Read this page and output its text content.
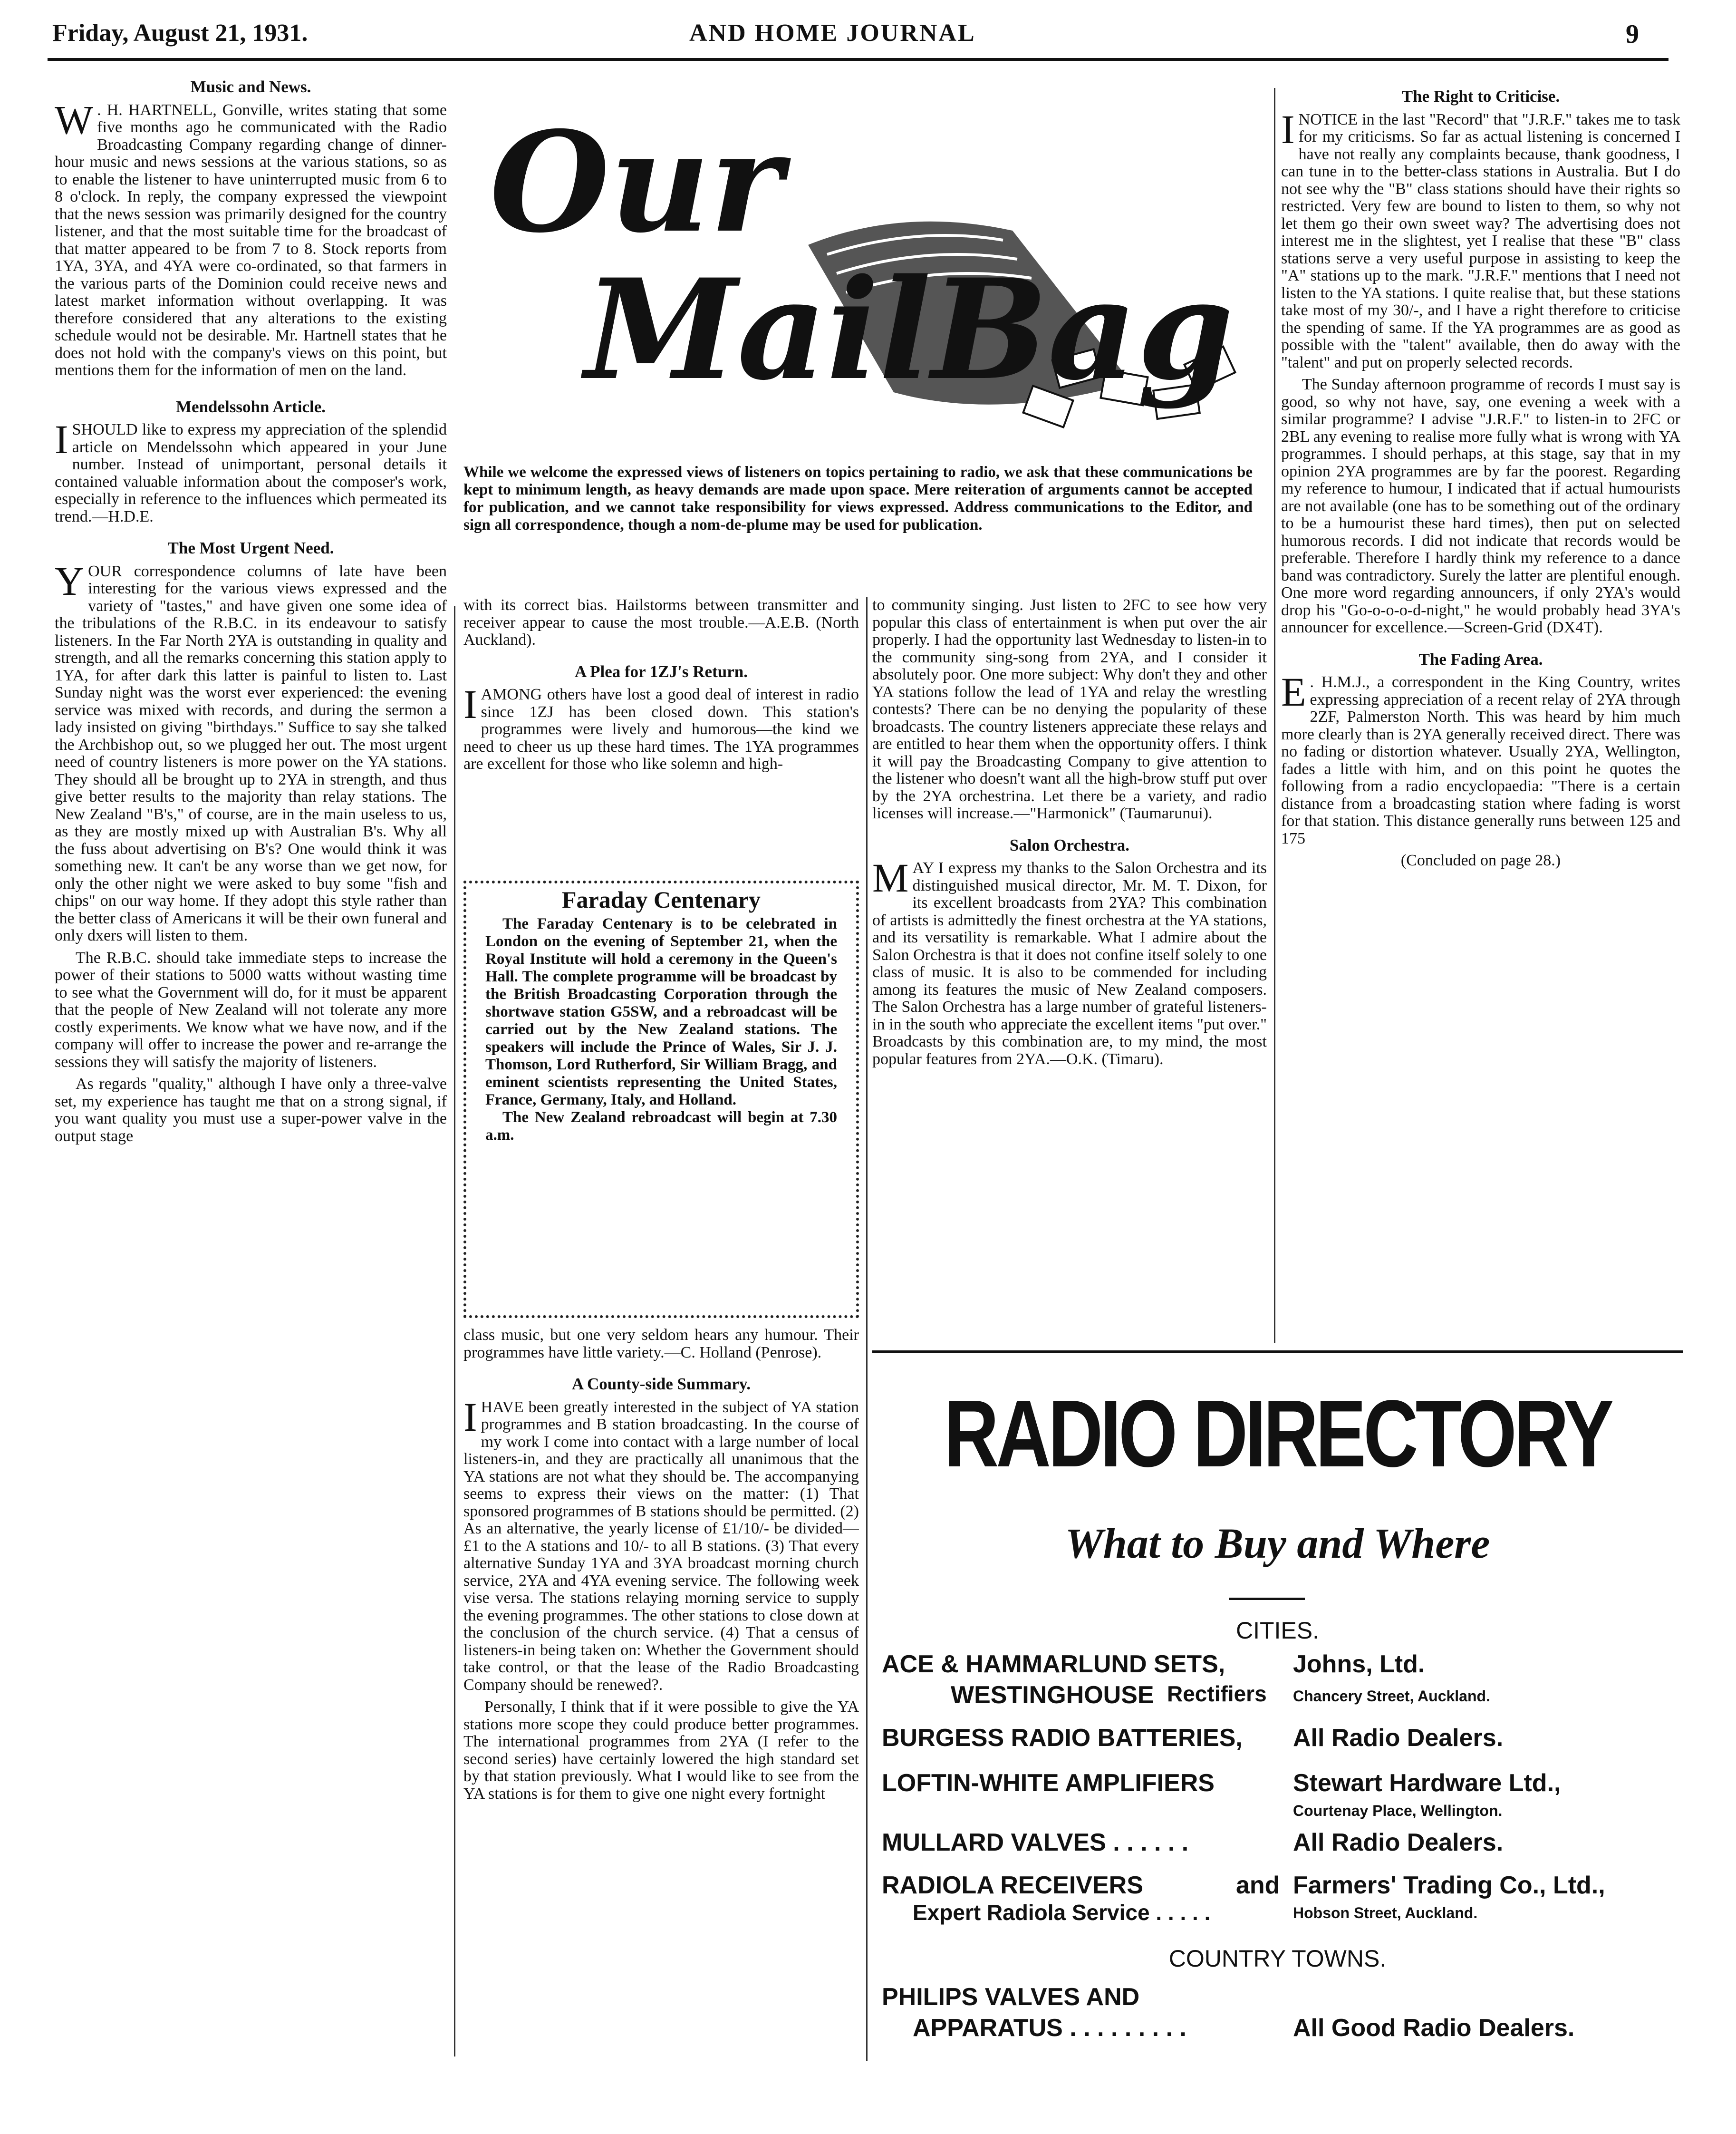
Friday, August 21, 1931.	AND HOME JOURNAL	9
Music and News.

W . H. HARTNELL, Gonville, writes stating that some five months ago he communicated with the Radio Broadcasting Company regarding change of dinner-hour music and news sessions at the various stations, so as to enable the listener to have uninterrupted music from 6 to 8 o'clock. In reply, the company expressed the viewpoint that the news session was primarily designed for the country listener, and that the most suitable time for the broadcast of that matter appeared to be from 7 to 8. Stock reports from 1YA, 3YA, and 4YA were co-ordinated, so that farmers in the various parts of the Dominion could receive news and latest market information without overlapping. It was therefore considered that any alterations to the existing schedule would not be desirable. Mr. Hartnell states that he does not hold with the company's views on this point, but mentions them for the information of men on the land.

Mendelssohn Article.

I SHOULD like to express my appreciation of the splendid article on Mendelssohn which appeared in your June number. Instead of unimportant, personal details it contained valuable information about the composer's work, especially in reference to the influences which permeated its trend.—H.D.E.

The Most Urgent Need.

YOUR correspondence columns of late have been interesting for the various views expressed and the variety of "tastes," and have given one some idea of the tribulations of the R.B.C. in its endeavour to satisfy listeners. In the Far North 2YA is outstanding in quality and strength, and all the remarks concerning this station apply to 1YA, for after dark this latter is painful to listen to. Last Sunday night was the worst ever experienced: the evening service was mixed with records, and during the sermon a lady insisted on giving "birthdays." Suffice to say she talked the Archbishop out, so we plugged her out. The most urgent need of country listeners is more power on the YA stations. They should all be brought up to 2YA in strength, and thus give better results to the majority than relay stations. The New Zealand "B's," of course, are in the main useless to us, as they are mostly mixed up with Australian B's. Why all the fuss about advertising on B's? One would think it was something new. It can't be any worse than we get now, for only the other night we were asked to buy some "fish and chips" on our way home. If they adopt this style rather than the better class of Americans it will be their own funeral and only dxers will listen to them.

The R.B.C. should take immediate steps to increase the power of their stations to 5000 watts without wasting time to see what the Government will do, for it must be apparent that the people of New Zealand will not tolerate any more costly experiments. We know what we have now, and if the company will offer to increase the power and re-arrange the sessions they will satisfy the majority of listeners.

As regards "quality," although I have only a three-valve set, my experience has taught me that on a strong signal, if you want quality you must use a super-power valve in the output stage

Our
MailBag
While we welcome the expressed views of listeners on topics pertaining to radio, we ask that these communications be kept to minimum length, as heavy demands are made upon space. Mere reiteration of arguments cannot be accepted for publication, and we cannot take responsibility for views expressed. Address communications to the Editor, and sign all correspondence, though a nom-de-plume may be used for publication.

with its correct bias. Hailstorms between transmitter and receiver appear to cause the most trouble.—A.E.B. (North Auckland).

A Plea for 1ZJ's Return.

I AMONG others have lost a good deal of interest in radio since 1ZJ has been closed down. This station's programmes were lively and humorous—the kind we need to cheer us up these hard times. The 1YA programmes are excellent for those who like solemn and high-

Faraday Centenary

The Faraday Centenary is to be celebrated in London on the evening of September 21, when the Royal Institute will hold a ceremony in the Queen's Hall. The complete programme will be broadcast by the British Broadcasting Corporation through the shortwave station G5SW, and a rebroadcast will be carried out by the New Zealand stations. The speakers will include the Prince of Wales, Sir J. J. Thomson, Lord Rutherford, Sir William Bragg, and eminent scientists representing the United States, France, Germany, Italy, and Holland.

The New Zealand rebroadcast will begin at 7.30 a.m.

class music, but one very seldom hears any humour. Their programmes have little variety.—C. Holland (Penrose).

A County-side Summary.

I HAVE been greatly interested in the subject of YA station programmes and B station broadcasting. In the course of my work I come into contact with a large number of local listeners-in, and they are practically all unanimous that the YA stations are not what they should be. The accompanying seems to express their views on the matter: (1) That sponsored programmes of B stations should be permitted. (2) As an alternative, the yearly license of £1/10/- be divided—£1 to the A stations and 10/- to all B stations. (3) That every alternative Sunday 1YA and 3YA broadcast morning church service, 2YA and 4YA evening service. The following week vise versa. The stations relaying morning service to supply the evening programmes. The other stations to close down at the conclusion of the church service. (4) That a census of listeners-in being taken on: Whether the Government should take control, or that the lease of the Radio Broadcasting Company should be renewed?.

Personally, I think that if it were possible to give the YA stations more scope they could produce better programmes. The international programmes from 2YA (I refer to the second series) have certainly lowered the high standard set by that station previously. What I would like to see from the YA stations is for them to give one night every fortnight

to community singing. Just listen to 2FC to see how very popular this class of entertainment is when put over the air properly. I had the opportunity last Wednesday to listen-in to the community sing-song from 2YA, and I consider it absolutely poor. One more subject: Why don't they and other YA stations follow the lead of 1YA and relay the wrestling contests? There can be no denying the popularity of these broadcasts. The country listeners appreciate these relays and are entitled to hear them when the opportunity offers. I think it will pay the Broadcasting Company to give attention to the listener who doesn't want all the high-brow stuff put over by the 2YA orchestrina. Let there be a variety, and radio licenses will increase.—"Harmonick" (Taumarunui).

Salon Orchestra.

MAY I express my thanks to the Salon Orchestra and its distinguished musical director, Mr. M. T. Dixon, for its excellent broadcasts from 2YA? This combination of artists is admittedly the finest orchestra at the YA stations, and its versatility is remarkable. What I admire about the Salon Orchestra is that it does not confine itself solely to one class of music. It is also to be commended for including among its features the music of New Zealand composers. The Salon Orchestra has a large number of grateful listeners-in in the south who appreciate the excellent items "put over." Broadcasts by this combination are, to my mind, the most popular features from 2YA.—O.K. (Timaru).

The Right to Criticise.

I NOTICE in the last "Record" that "J.R.F." takes me to task for my criticisms. So far as actual listening is concerned I have not really any complaints because, thank goodness, I can tune in to the better-class stations in Australia. But I do not see why the "B" class stations should have their rights so restricted. Very few are bound to listen to them, so why not let them go their own sweet way? The advertising does not interest me in the slightest, yet I realise that these "B" class stations serve a very useful purpose in assisting to keep the "A" stations up to the mark. "J.R.F." mentions that I need not listen to the YA stations. I quite realise that, but these stations take most of my 30/-, and I have a right therefore to criticise the spending of same. If the YA programmes are as good as possible with the "talent" available, then do away with the "talent" and put on properly selected records.

The Sunday afternoon programme of records I must say is good, so why not have, say, one evening a week with a similar programme? I advise "J.R.F." to listen-in to 2FC or 2BL any evening to realise more fully what is wrong with YA programmes. I should perhaps, at this stage, say that in my opinion 2YA programmes are by far the poorest. Regarding my reference to humour, I indicated that if actual humourists are not available (one has to be something out of the ordinary to be a humourist these hard times), then put on selected humorous records. I did not indicate that records would be preferable. Therefore I hardly think my reference to a dance band was contradictory. Surely the latter are plentiful enough. One more word regarding announcers, if only 2YA's would drop his "Go-o-o-o-d-night," he would probably head 3YA's announcer for excellence.—Screen-Grid (DX4T).

The Fading Area.

E . H.M.J., a correspondent in the King Country, writes expressing appreciation of a recent relay of 2YA through 2ZF, Palmerston North. This was heard by him much more clearly than is 2YA generally received direct. There was no fading or distortion whatever. Usually 2YA, Wellington, fades a little with him, and on this point he quotes the following from a radio encyclopaedia: "There is a certain distance from a broadcasting station where fading is worst for that station. This distance generally runs between 125 and 175

(Concluded on page 28.)

RADIO DIRECTORY
What to Buy and Where
CITIES.
ACE & HAMMARLUND SETS,	Johns, Ltd.
WESTINGHOUSE Rectifiers Chancery Street, Auckland.
BURGESS RADIO BATTERIES, All Radio Dealers.
LOFTIN-WHITE AMPLIFIERS	Stewart Hardware Ltd.,
Courtenay Place, Wellington.
MULLARD VALVES . . . . . .	All Radio Dealers.
RADIOLA RECEIVERS	and Farmers' Trading Co., Ltd.,
Expert Radiola Service . . . . .	Hobson Street, Auckland.
COUNTRY TOWNS.
PHILIPS VALVES AND
APPARATUS . . . . . . . . .	All Good Radio Dealers.
